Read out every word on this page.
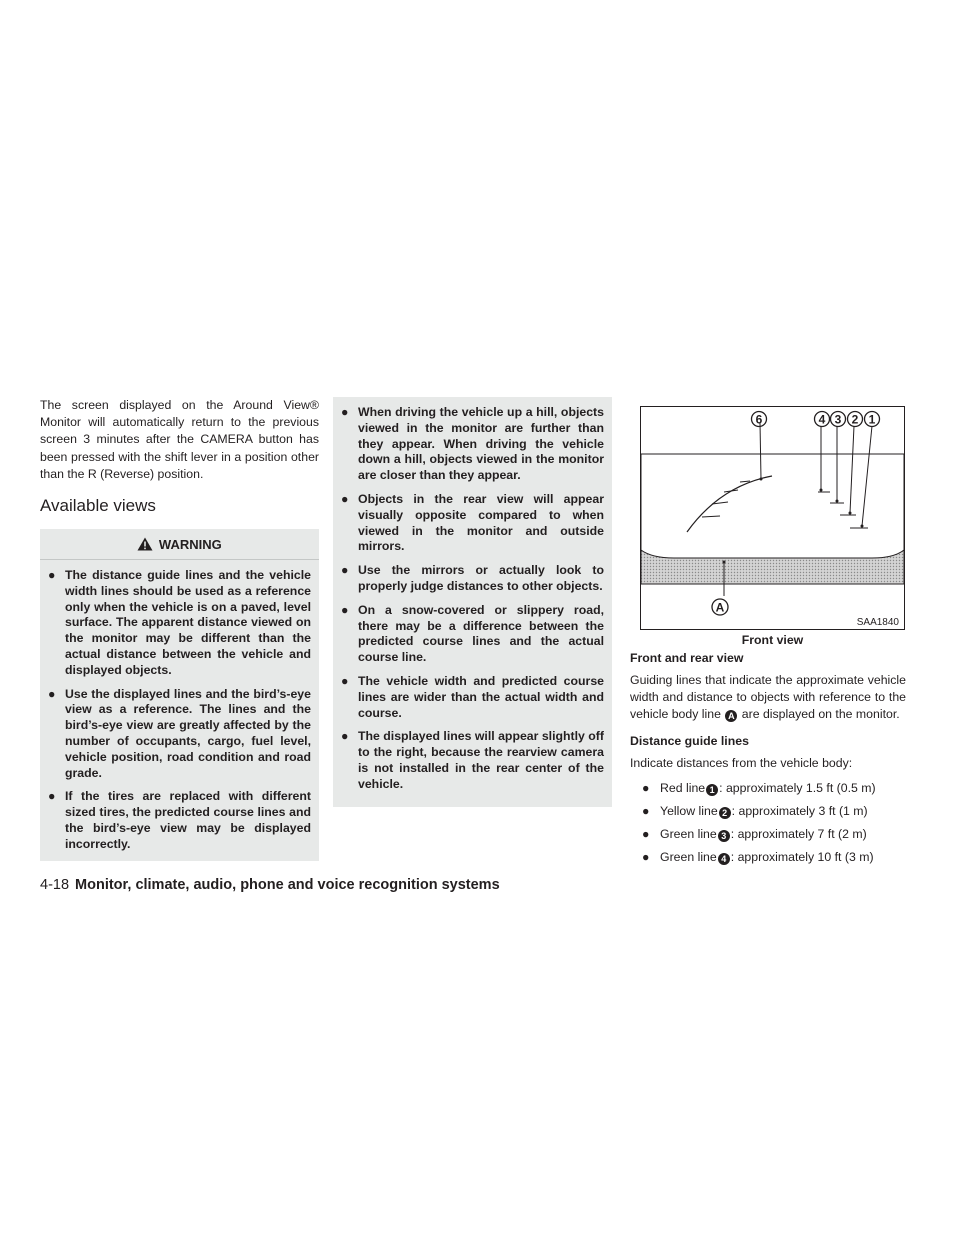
The screen displayed on the Around View® Monitor will automatically return to the previous screen 3 minutes after the CAMERA button has been pressed with the shift lever in a position other than the R (Reverse) position.

Available views
WARNING
● The distance guide lines and the vehicle width lines should be used as a reference only when the vehicle is on a paved, level surface. The apparent distance viewed on the monitor may be different than the actual distance between the vehicle and displayed objects.
● Use the displayed lines and the bird’s-eye view as a reference. The lines and the bird’s-eye view are greatly affected by the number of occupants, cargo, fuel level, vehicle position, road condition and road grade.
● If the tires are replaced with different sized tires, the predicted course lines and the bird’s-eye view may be displayed incorrectly.
● When driving the vehicle up a hill, objects viewed in the monitor are further than they appear. When driving the vehicle down a hill, objects viewed in the monitor are closer than they appear.
● Objects in the rear view will appear visually opposite compared to when viewed in the monitor and outside mirrors.
● Use the mirrors or actually look to properly judge distances to other objects.
● On a snow-covered or slippery road, there may be a difference between the predicted course lines and the actual course line.
● The vehicle width and predicted course lines are wider than the actual width and course.
● The displayed lines will appear slightly off to the right, because the rearview camera is not installed in the rear center of the vehicle.
6	4 3 2 1
A
SAA1840
Front view

Front and rear view

Guiding lines that indicate the approximate vehicle width and distance to objects with reference to the vehicle body line A are displayed on the monitor.

Distance guide lines

Indicate distances from the vehicle body:

● Red line 1 : approximately 1.5 ft (0.5 m)
● Yellow line 2 : approximately 3 ft (1 m)
● Green line 3 : approximately 7 ft (2 m)
● Green line 4 : approximately 10 ft (3 m)
4-18 Monitor, climate, audio, phone and voice recognition systems
